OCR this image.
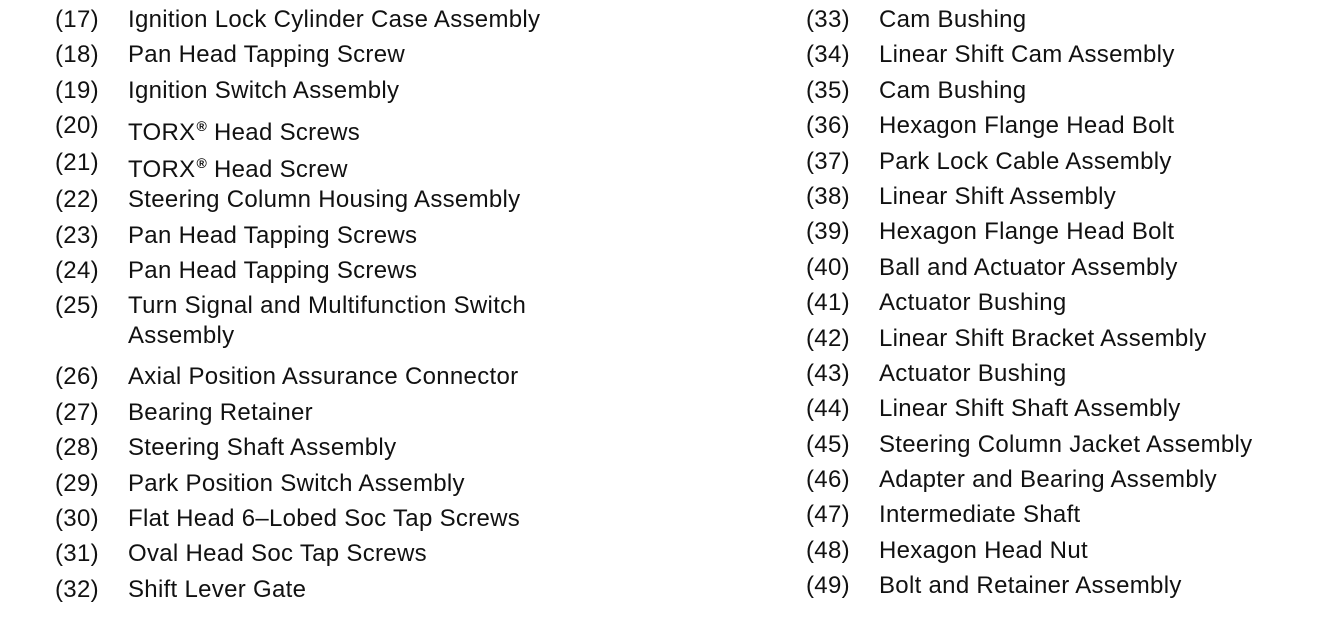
(17)	Ignition Lock Cylinder Case Assembly
(18)	Pan Head Tapping Screw
(19)	Ignition Switch Assembly
(20)	TORX® Head Screws
(21)	TORX® Head Screw
(22)	Steering Column Housing Assembly
(23)	Pan Head Tapping Screws
(24)	Pan Head Tapping Screws
(25)	Turn Signal and Multifunction Switch
Assembly
(26)	Axial Position Assurance Connector
(27)	Bearing Retainer
(28)	Steering Shaft Assembly
(29)	Park Position Switch Assembly
(30)	Flat Head 6–Lobed Soc Tap Screws
(31)	Oval Head Soc Tap Screws
(32)	Shift Lever Gate
(33)	Cam Bushing
(34)	Linear Shift Cam Assembly
(35)	Cam Bushing
(36)	Hexagon Flange Head Bolt
(37)	Park Lock Cable Assembly
(38)	Linear Shift Assembly
(39)	Hexagon Flange Head Bolt
(40)	Ball and Actuator Assembly
(41)	Actuator Bushing
(42)	Linear Shift Bracket Assembly
(43)	Actuator Bushing
(44)	Linear Shift Shaft Assembly
(45)	Steering Column Jacket Assembly
(46)	Adapter and Bearing Assembly
(47)	Intermediate Shaft
(48)	Hexagon Head Nut
(49)	Bolt and Retainer Assembly
